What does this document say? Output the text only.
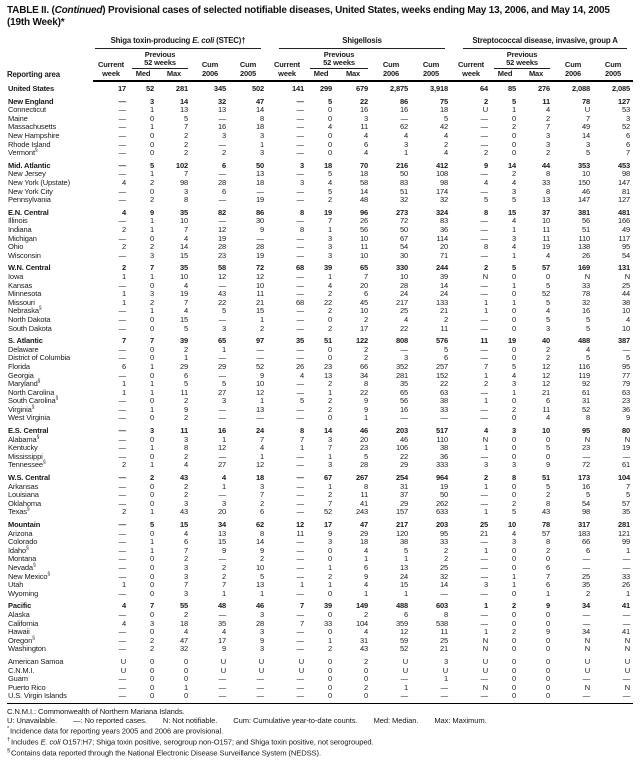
TABLE II. (Continued) Provisional cases of selected notifiable diseases, United States, weeks ending May 13, 2006, and May 14, 2005 (19th Week)*
Reporting area	Shiga toxin-producing E. coli (STEC)†					Shigellosis					Streptococcal disease, invasive, group A				

		Previous					Previous					Previous			
	Current	52 weeks		Cum	Cum	Current	52 weeks		Cum	Cum	Current	52 weeks		Cum	Cum
	week	Med	Max	2006	2005	week	Med	Max	2006	2005	week	Med	Max	2006	2005
United States	17	52	281	345	502	141	299	679	2,875	3,918	64	85	276	2,088	2,085
New England	—	3	14	32	47	—	5	22	86	75	2	5	11	78	127
Connecticut	—	1	13	13	14	—	0	16	16	18	U	1	4	U	53
Maine	—	0	5	—	8	—	0	3	—	5	—	0	2	7	3
Massachusetts	—	1	7	16	18	—	4	11	62	42	—	2	7	49	52
New Hampshire	—	0	2	3	3	—	0	4	4	4	—	0	3	14	6
Rhode Island	—	0	2	—	1	—	0	6	3	2	—	0	3	3	6
Vermont§	—	0	2	2	3	—	0	4	1	4	2	0	2	5	7
Mid. Atlantic	—	5	102	6	50	3	18	70	216	412	9	14	44	353	453
New Jersey	—	1	7	—	13	—	5	18	50	108	—	2	8	10	98
New York (Upstate)	4	2	98	28	18	3	4	58	83	98	4	4	33	150	147
New York City	—	0	3	6	—	—	5	14	51	174	—	3	8	46	81
Pennsylvania	—	2	8	—	19	—	2	48	32	32	5	5	13	147	127
E.N. Central	4	9	35	82	86	8	19	96	273	324	8	15	37	381	481
Illinois	—	1	10	—	30	—	7	26	72	83	—	4	10	56	166
Indiana	2	1	7	12	9	8	1	56	50	36	—	1	11	51	49
Michigan	—	0	4	19	—	—	3	10	67	114	—	3	11	110	117
Ohio	2	2	14	28	28	—	3	11	54	20	8	4	19	138	95
Wisconsin	—	3	15	23	19	—	3	10	30	71	—	1	4	26	54
W.N. Central	2	7	35	58	72	68	39	65	330	244	2	5	57	169	131
Iowa	1	1	10	12	12	—	1	7	10	39	N	0	0	N	N
Kansas	—	0	4	—	10	—	4	20	28	14	—	1	5	33	25
Minnesota	1	3	19	43	11	—	2	6	24	24	—	0	52	78	44
Missouri	1	2	7	22	21	68	22	45	217	133	1	1	5	32	38
Nebraska§	—	1	4	5	15	—	2	10	25	21	1	0	4	16	10
North Dakota	—	0	15	—	1	—	0	2	4	2	—	0	5	5	4
South Dakota	—	0	5	3	2	—	2	17	22	11	—	0	3	5	10
S. Atlantic	7	7	39	65	97	35	51	122	808	576	11	19	40	488	387
Delaware	—	0	2	1	—	—	0	2	—	5	—	0	2	4	—
District of Columbia	—	0	1	—	—	—	0	2	3	6	—	0	2	5	5
Florida	6	1	29	29	52	26	23	66	352	257	7	5	12	116	95
Georgia	—	0	6	—	9	4	13	34	281	152	1	4	12	119	77
Maryland§	1	1	5	5	10	—	2	8	35	22	2	3	12	92	79
North Carolina	1	1	11	27	12	—	1	22	65	63	—	1	21	61	63
South Carolina§	—	0	2	3	1	5	2	9	56	38	1	0	6	31	23
Virginia§	—	1	9	—	13	—	2	9	16	33	—	2	11	52	36
West Virginia	—	0	2	—	—	—	0	1	—	—	—	0	4	8	9
E.S. Central	—	3	11	16	24	8	14	46	203	517	4	3	10	95	80
Alabama§	—	0	3	1	7	7	3	20	46	110	N	0	0	N	N
Kentucky	—	1	8	12	4	1	7	23	106	38	1	0	5	23	19
Mississippi	—	0	2	—	1	—	1	5	22	36	—	0	0	—	—
Tennessee§	2	1	4	27	12	—	3	28	29	333	3	3	9	72	61
W.S. Central	—	2	43	4	18	—	67	267	254	964	2	8	51	173	104
Arkansas	—	0	2	1	3	—	1	8	31	19	1	0	5	16	7
Louisiana	—	0	2	—	7	—	2	11	37	50	—	0	2	5	5
Oklahoma	—	0	3	3	2	—	7	41	29	262	—	2	8	54	57
Texas§	2	1	43	20	6	—	52	243	157	633	1	5	43	98	35
Mountain	—	5	15	34	62	12	17	47	217	203	25	10	78	317	281
Arizona	—	0	4	13	8	11	9	29	120	95	21	4	57	183	121
Colorado	—	1	6	15	14	—	3	18	38	33	—	3	8	66	99
Idaho§	—	1	7	9	9	—	0	4	5	2	1	0	2	6	1
Montana	—	0	2	—	2	—	0	1	1	2	—	0	0	—	—
Nevada§	—	0	3	2	10	—	1	6	13	25	—	0	6	—	—
New Mexico§	—	0	3	2	5	—	2	9	24	32	—	1	7	25	33
Utah	1	0	7	7	13	1	1	4	15	14	3	1	6	35	26
Wyoming	—	0	3	1	1	—	0	1	1	—	—	0	1	2	1
Pacific	4	7	55	48	46	7	39	149	488	603	1	2	9	34	41
Alaska	—	0	2	—	3	—	0	2	6	8	—	0	0	—	—
California	4	3	18	35	28	7	33	104	359	538	—	0	0	—	—
Hawaii	—	0	4	4	3	—	0	4	12	11	1	2	9	34	41
Oregon§	—	2	47	17	9	—	1	31	59	25	N	0	0	N	N
Washington	—	2	32	9	3	—	2	43	52	21	N	0	0	N	N
American Samoa	U	0	0	U	U	U	0	2	U	3	U	0	0	U	U
C.N.M.I.	U	0	0	U	U	U	0	0	U	U	U	0	0	U	U
Guam	—	0	0	—	—	—	0	0	—	1	—	0	0	—	—
Puerto Rico	—	0	1	—	—	—	0	2	1	—	N	0	0	N	N
U.S. Virgin Islands	—	0	0	—	—	—	0	0	—	—	—	0	0	—	—
C.N.M.I.: Commonwealth of Northern Mariana Islands.
U: Unavailable. —: No reported cases. N: Not notifiable. Cum: Cumulative year-to-date counts. Med: Median. Max: Maximum.
*Incidence data for reporting years 2005 and 2006 are provisional.
†Includes E. coli O157:H7; Shiga toxin positive, serogroup non-O157; and Shiga toxin positive, not serogrouped.
§Contains data reported through the National Electronic Disease Surveillance System (NEDSS).
